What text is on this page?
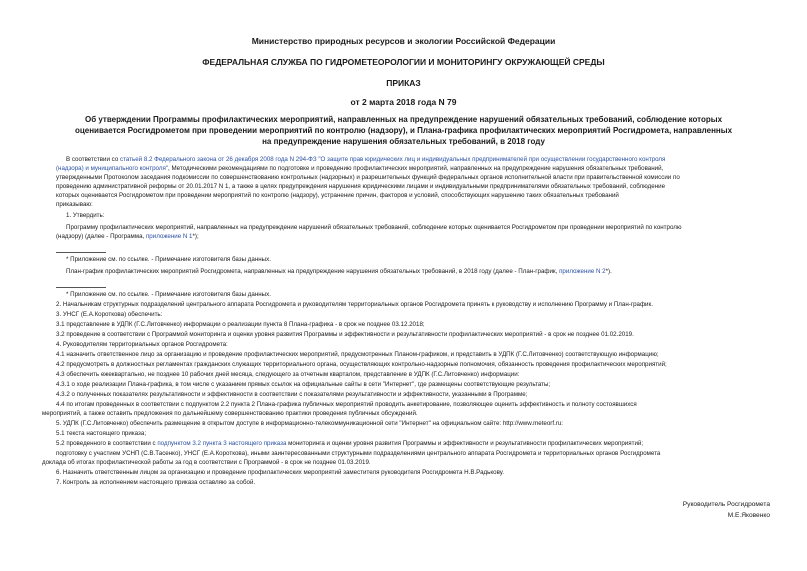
Министерство природных ресурсов и экологии Российской Федерации
ФЕДЕРАЛЬНАЯ СЛУЖБА ПО ГИДРОМЕТЕОРОЛОГИИ И МОНИТОРИНГУ ОКРУЖАЮЩЕЙ СРЕДЫ
ПРИКАЗ
от 2 марта 2018 года N 79
Об утверждении Программы профилактических мероприятий, направленных на предупреждение нарушений обязательных требований, соблюдение которых
оценивается Росгидрометом при проведении мероприятий по контролю (надзору), и Плана-графика профилактических мероприятий Росгидромета, направленных
на предупреждение нарушения обязательных требований, в 2018 году
В соответствии со статьей 8.2 Федерального закона от 26 декабря 2008 года N 294-ФЗ "О защите прав юридических лиц и индивидуальных предпринимателей при осуществлении государственного контроля
(надзора) и муниципального контроля", Методическими рекомендациями по подготовке и проведению профилактических мероприятий, направленных на предупреждение нарушения обязательных требований,
утвержденными Протоколом заседания подкомиссии по совершенствованию контрольных (надзорных) и разрешительных функций федеральных органов исполнительной власти при правительственной комиссии по
проведению административной реформы от 20.01.2017 N 1, а также в целях предупреждения нарушения юридическими лицами и индивидуальными предпринимателями обязательных требований, соблюдение
которых оценивается Росгидрометом при проведении мероприятий по контролю (надзору), устранение причин, факторов и условий, способствующих нарушению таких обязательных требований
приказываю:
1. Утвердить:
Программу профилактических мероприятий, направленных на предупреждение нарушений обязательных требований, соблюдение которых оценивается Росгидрометом при проведении мероприятий по контролю
(надзору) (далее - Программа, приложение N 1*);
* Приложение см. по ссылке. - Примечание изготовителя базы данных.
План-график профилактических мероприятий Росгидромета, направленных на предупреждение нарушения обязательных требований, в 2018 году (далее - План-график, приложение N 2*).
* Приложение см. по ссылке. - Примечание изготовителя базы данных.
2. Начальникам структурных подразделений центрального аппарата Росгидромета и руководителям территориальных органов Росгидромета принять к руководству и исполнению Программу и План-график.
3. УНСГ (Е.А.Короткова) обеспечить:
3.1 представление в УДПК (Г.С.Литовченко) информации о реализации пункта 8 Плана-графика - в срок не позднее 03.12.2018;
3.2 проведение в соответствии с Программой мониторинга и оценки уровня развития Программы и эффективности и результативности профилактических мероприятий - в срок не позднее 01.02.2019.
4. Руководителям территориальных органов Росгидромета:
4.1 назначить ответственное лицо за организацию и проведение профилактических мероприятий, предусмотренных Планом-графиком, и представить в УДПК (Г.С.Литовченко) соответствующую информацию;
4.2 предусмотреть в должностных регламентах гражданских служащих территориального органа, осуществляющих контрольно-надзорные полномочия, обязанность проведения профилактических мероприятий;
4.3 обеспечить ежеквартально, не позднее 10 рабочих дней месяца, следующего за отчетным кварталом, представление в УДПК (Г.С.Литовченко) информации:
4.3.1 о ходе реализации Плана-графика, в том числе с указанием прямых ссылок на официальные сайты в сети "Интернет", где размещены соответствующие результаты;
4.3.2 о полученных показателях результативности и эффективности в соответствии с показателями результативности и эффективности, указанными в Программе;
4.4 по итогам проведенных в соответствии с подпунктом 2.2 пункта 2 Плана-графика публичных мероприятий проводить анкетирование, позволяющее оценить эффективность и полноту состоявшихся
мероприятий, а также оставить предложения по дальнейшему совершенствованию практики проведения публичных обсуждений.
5. УДПК (Г.С.Литовченко) обеспечить размещение в открытом доступе в информационно-телекоммуникационной сети "Интернет" на официальном сайте: http://www.meteorf.ru:
5.1 текста настоящего приказа;
5.2 проведенного в соответствии с подпунктом 3.2 пункта 3 настоящего приказа мониторинга и оценки уровня развития Программы и эффективности и результативности профилактических мероприятий;
подготовку с участием УСНП (С.В.Тасенко), УНСГ (Е.А.Короткова), иными заинтересованными структурными подразделениями центрального аппарата Росгидромета и территориальных органов Росгидромета
доклада об итогах профилактической работы за год в соответствии с Программой - в срок не позднее 01.03.2019.
6. Назначить ответственным лицом за организацию и проведение профилактических мероприятий заместителя руководителя Росгидромета Н.В.Радькову.
7. Контроль за исполнением настоящего приказа оставляю за собой.
Руководитель Росгидромета
М.Е.Яковенко
